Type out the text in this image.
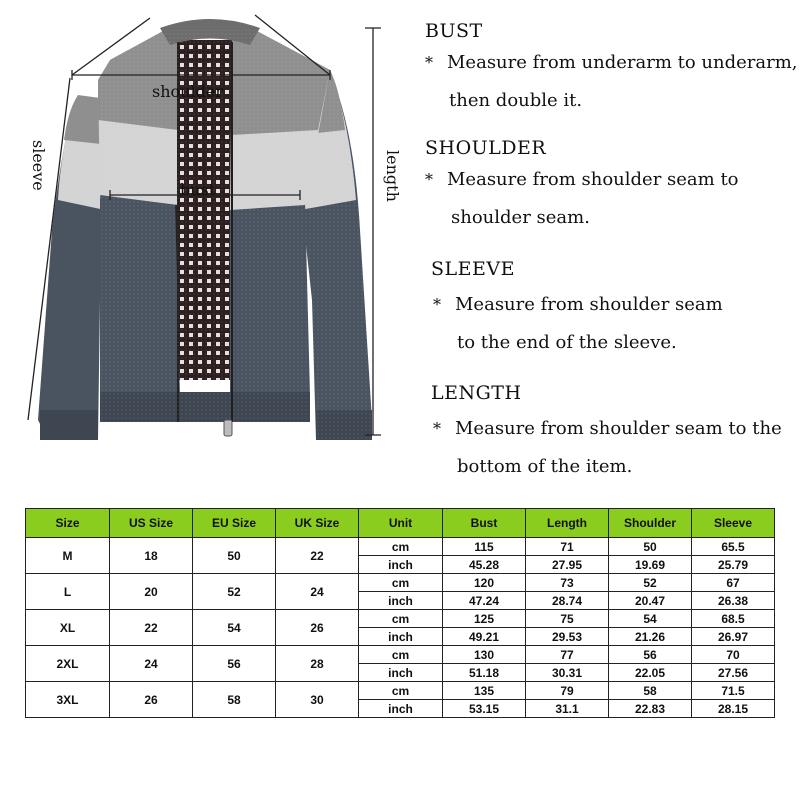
shoulder
bust
sleeve	length
BUST
* Measure from underarm to underarm,
then double it.
SHOULDER
* Measure from shoulder seam to
shoulder seam.
SLEEVE
* Measure from shoulder seam
to the end of the sleeve.
LENGTH
* Measure from shoulder seam to the
bottom of the item.
Size	US Size	EU Size	UK Size	Unit	Bust	Length	Shoulder	Sleeve
M	18	50	22	cm	115	71	50	65.5
				inch	45.28	27.95	19.69	25.79
L	20	52	24	cm	120	73	52	67
				inch	47.24	28.74	20.47	26.38
XL	22	54	26	cm	125	75	54	68.5
				inch	49.21	29.53	21.26	26.97
2XL	24	56	28	cm	130	77	56	70
				inch	51.18	30.31	22.05	27.56
3XL	26	58	30	cm	135	79	58	71.5
				inch	53.15	31.1	22.83	28.15
